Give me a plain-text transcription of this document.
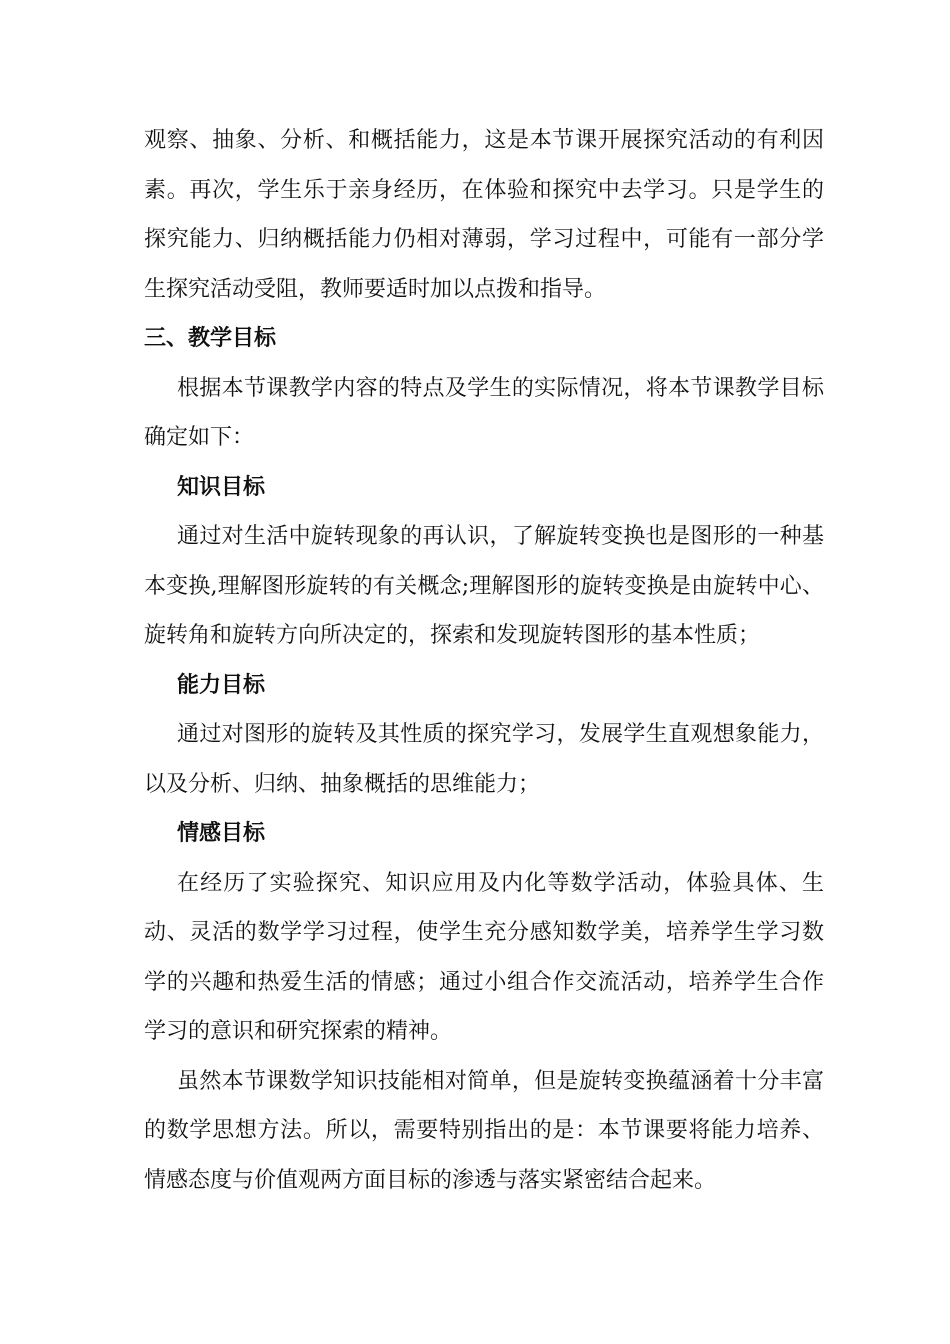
观察、抽象、分析、和概括能力，这是本节课开展探究活动的有利因素。再次，学生乐于亲身经历，在体验和探究中去学习。只是学生的探究能力、归纳概括能力仍相对薄弱，学习过程中，可能有一部分学生探究活动受阻，教师要适时加以点拨和指导。

三、教学目标

根据本节课教学内容的特点及学生的实际情况，将本节课教学目标确定如下：

知识目标

通过对生活中旋转现象的再认识，了解旋转变换也是图形的一种基本变换,理解图形旋转的有关概念;理解图形的旋转变换是由旋转中心、旋转角和旋转方向所决定的，探索和发现旋转图形的基本性质；

能力目标

通过对图形的旋转及其性质的探究学习，发展学生直观想象能力，以及分析、归纳、抽象概括的思维能力；

情感目标

在经历了实验探究、知识应用及内化等数学活动，体验具体、生动、灵活的数学学习过程，使学生充分感知数学美，培养学生学习数学的兴趣和热爱生活的情感；通过小组合作交流活动，培养学生合作学习的意识和研究探索的精神。

虽然本节课数学知识技能相对简单，但是旋转变换蕴涵着十分丰富的数学思想方法。所以，需要特别指出的是：本节课要将能力培养、情感态度与价值观两方面目标的渗透与落实紧密结合起来。
